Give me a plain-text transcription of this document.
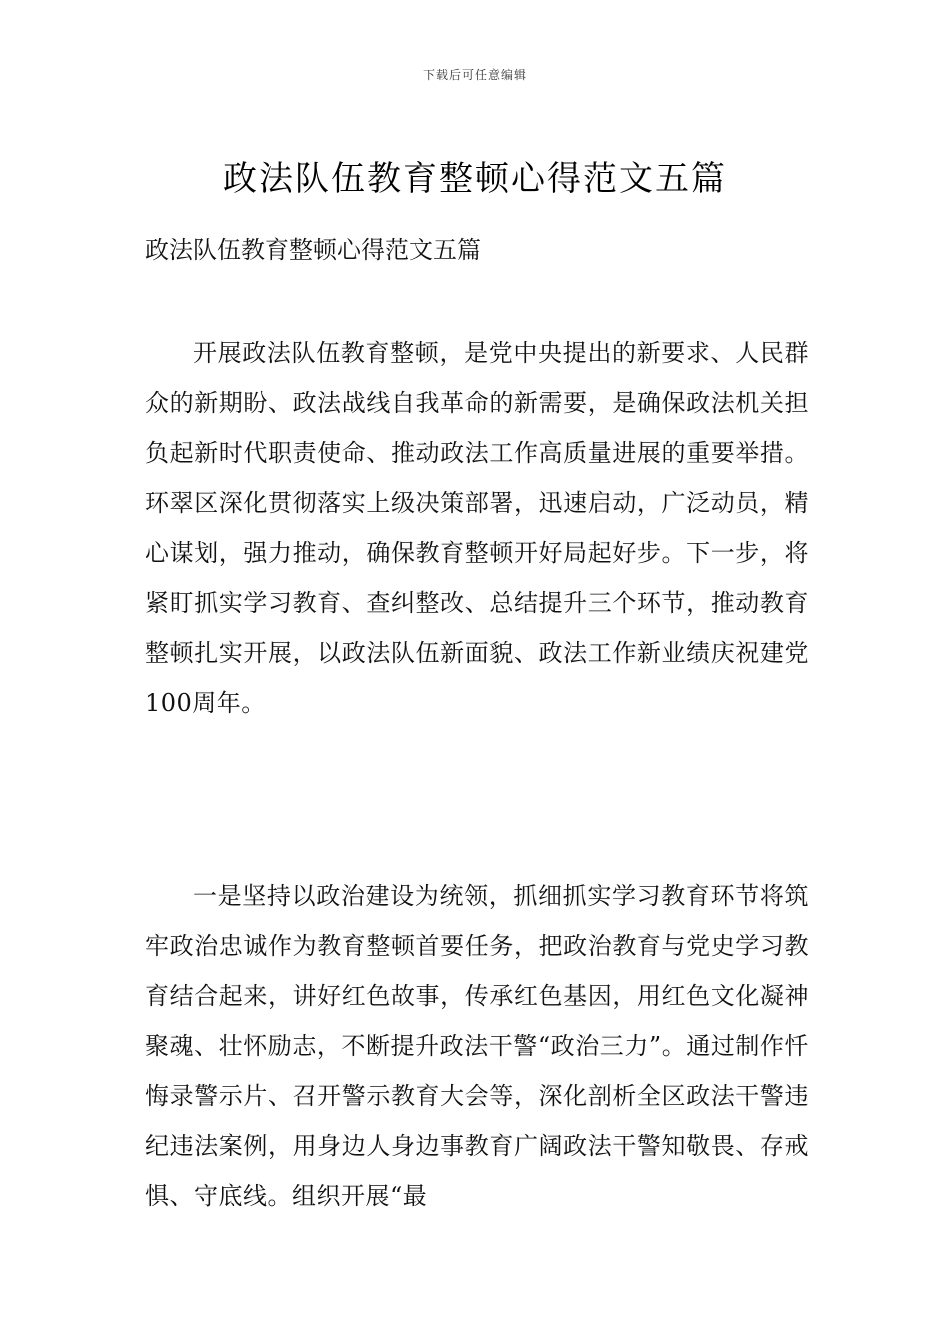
下载后可任意编辑
政法队伍教育整顿心得范文五篇
政法队伍教育整顿心得范文五篇

开展政法队伍教育整顿，是党中央提出的新要求、人民群众的新期盼、政法战线自我革命的新需要，是确保政法机关担负起新时代职责使命、推动政法工作高质量进展的重要举措。环翠区深化贯彻落实上级决策部署，迅速启动，广泛动员，精心谋划，强力推动，确保教育整顿开好局起好步。下一步，将紧盯抓实学习教育、查纠整改、总结提升三个环节，推动教育整顿扎实开展，以政法队伍新面貌、政法工作新业绩庆祝建党100周年。

一是坚持以政治建设为统领，抓细抓实学习教育环节将筑牢政治忠诚作为教育整顿首要任务，把政治教育与党史学习教育结合起来，讲好红色故事，传承红色基因，用红色文化凝神聚魂、壮怀励志，不断提升政法干警“政治三力”。通过制作忏悔录警示片、召开警示教育大会等，深化剖析全区政法干警违纪违法案例，用身边人身边事教育广阔政法干警知敬畏、存戒惧、守底线。组织开展“最
